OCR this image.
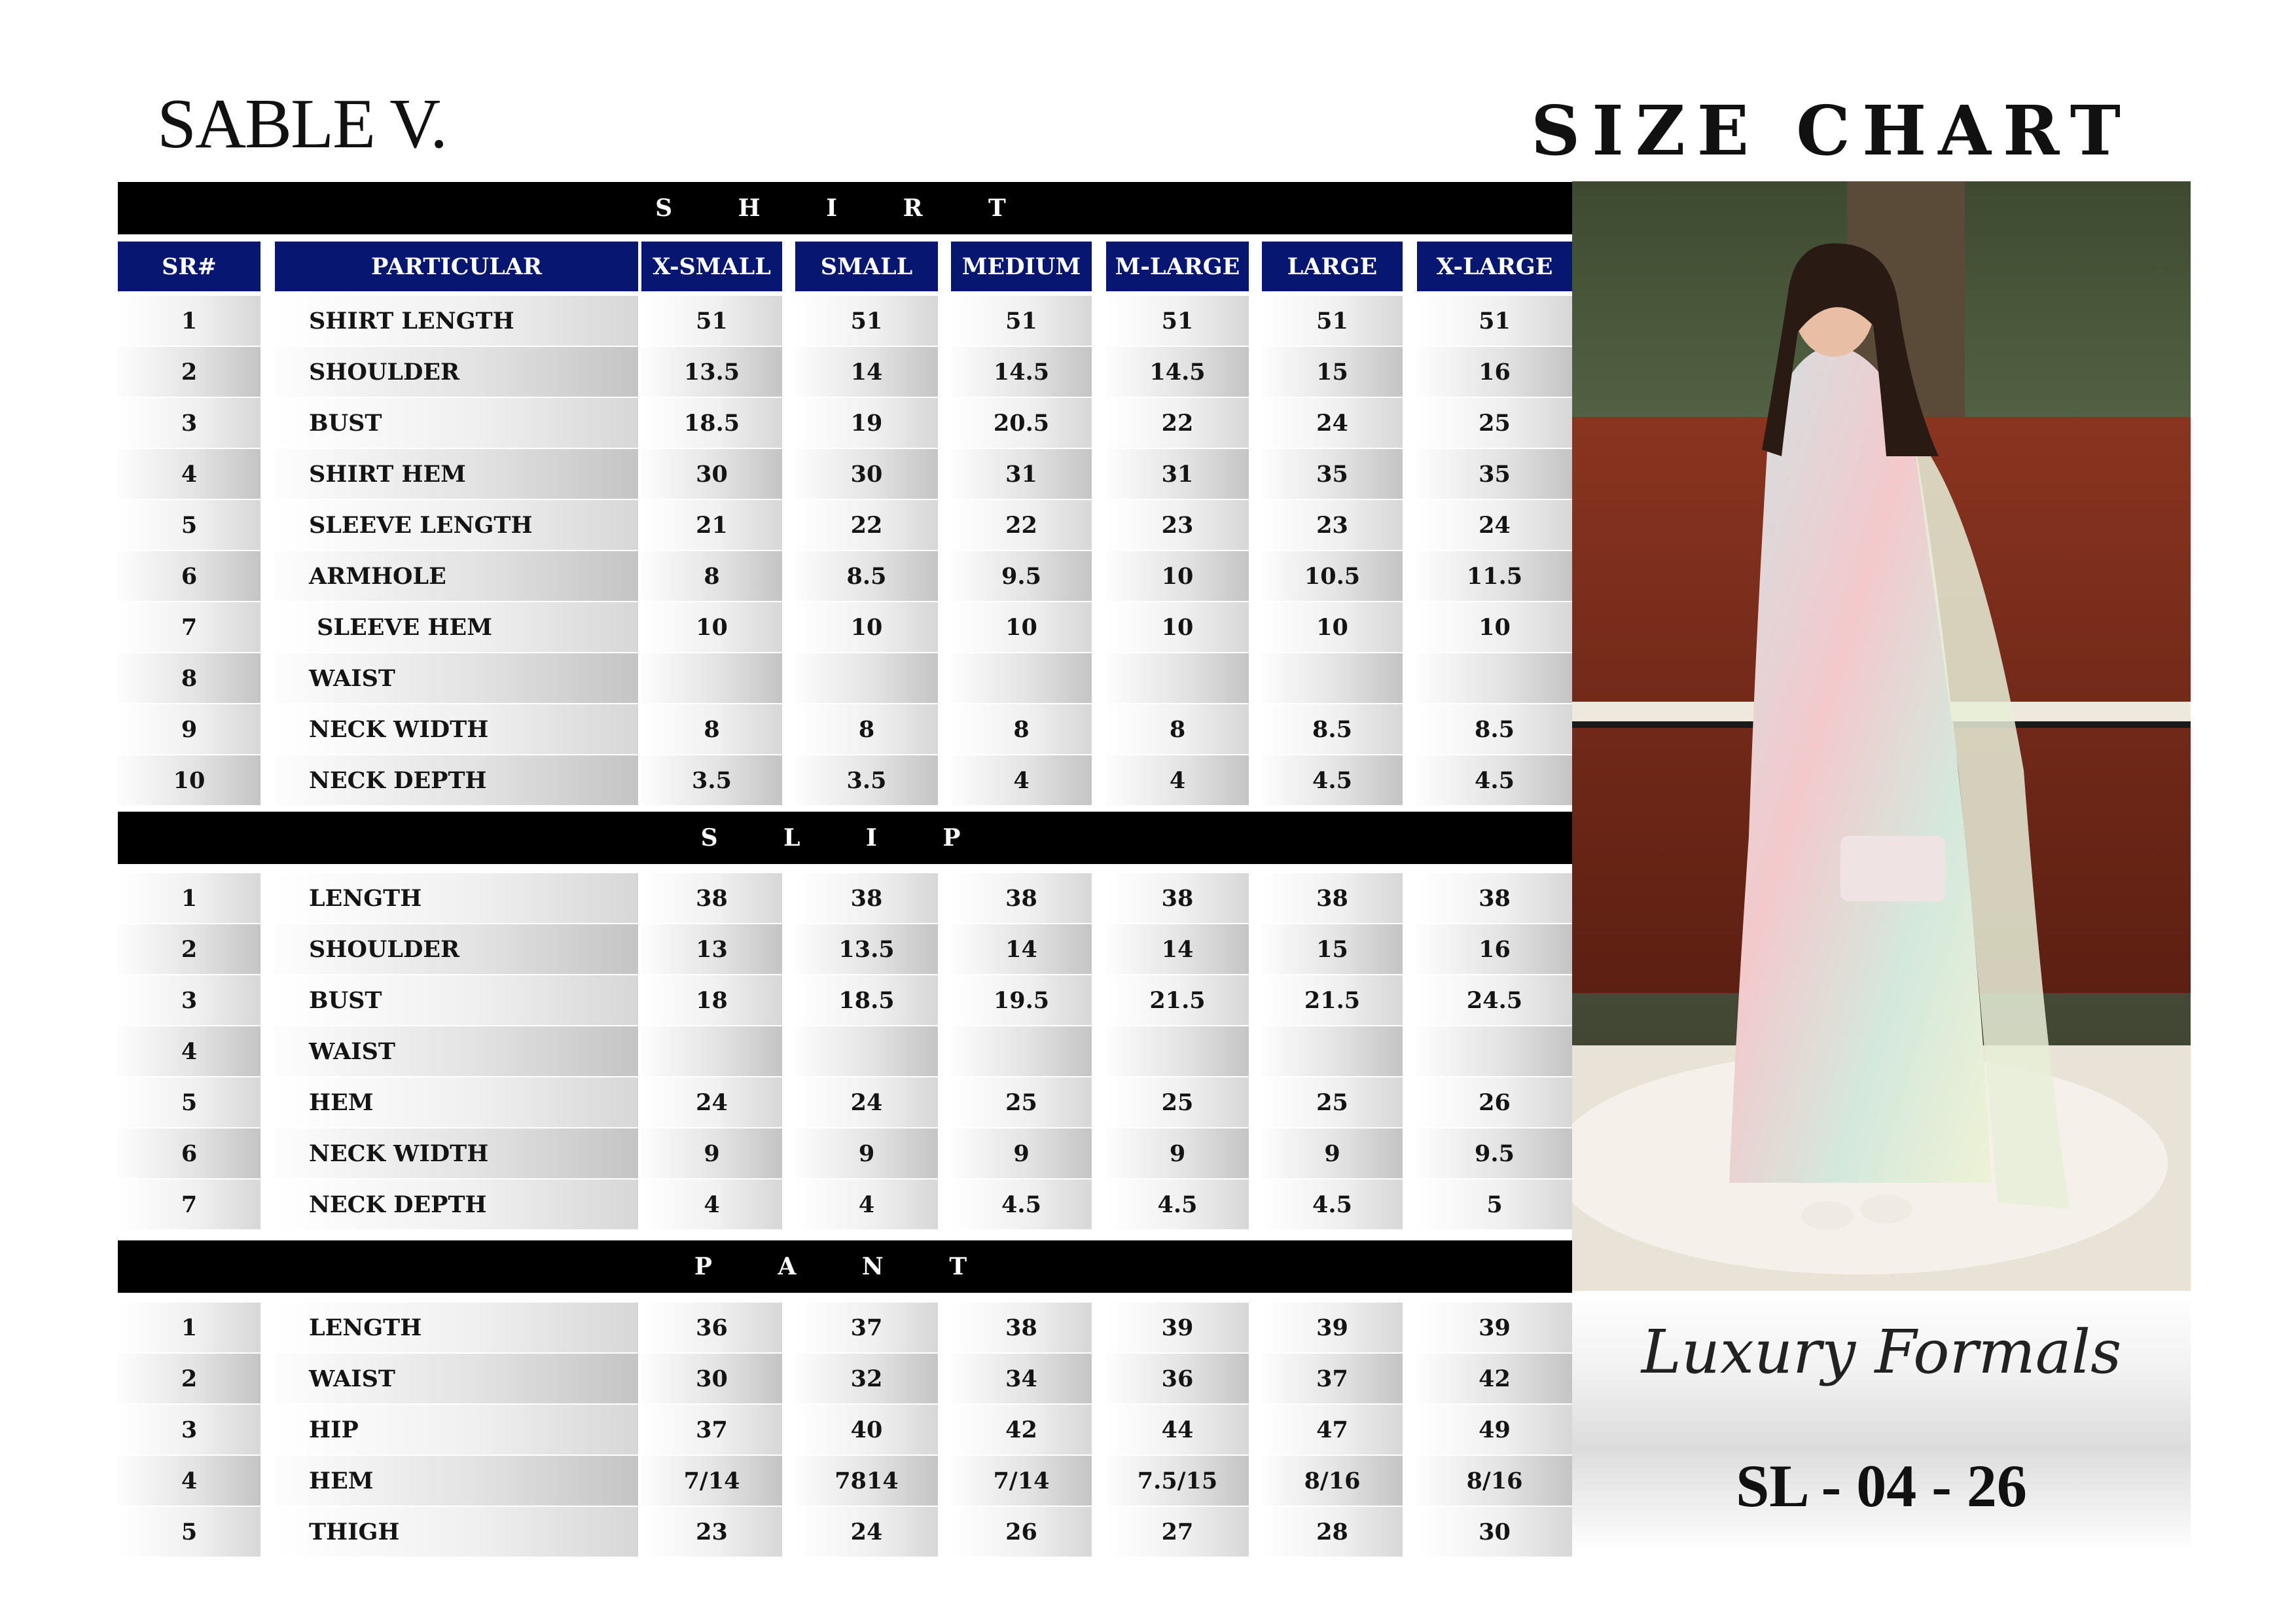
SABLE V.	SIZE CHART
SR#	PARTICULAR	X-SMALL	SMALL	MEDIUM	M-LARGE	LARGE	X-LARGE
S H I R T
1	SHIRT LENGTH	51	51	51	51	51	51
2	SHOULDER	13.5	14	14.5	14.5	15	16
3	BUST	18.5	19	20.5	22	24	25
4	SHIRT HEM	30	30	31	31	35	35
5	SLEEVE LENGTH	21	22	22	23	23	24
6	ARMHOLE	8	8.5	9.5	10	10.5	11.5
7	SLEEVE HEM	10	10	10	10	10	10
8	WAIST
9	NECK WIDTH	8	8	8	8	8.5	8.5
10	NECK DEPTH	3.5	3.5	4	4	4.5	4.5
S L I P
1	LENGTH	38	38	38	38	38	38
2	SHOULDER	13	13.5	14	14	15	16
3	BUST	18	18.5	19.5	21.5	21.5	24.5
4	WAIST
5	HEM	24	24	25	25	25	26
6	NECK WIDTH	9	9	9	9	9	9.5
7	NECK DEPTH	4	4	4.5	4.5	4.5	5
P A N T
1	LENGTH	36	37	38	39	39	39
2	WAIST	30	32	34	36	37	42
3	HIP	37	40	42	44	47	49
4	HEM	7/14	7814	7/14	7.5/15	8/16	8/16
5	THIGH	23	24	26	27	28	30
Luxury Formals
SL - 04 - 26
